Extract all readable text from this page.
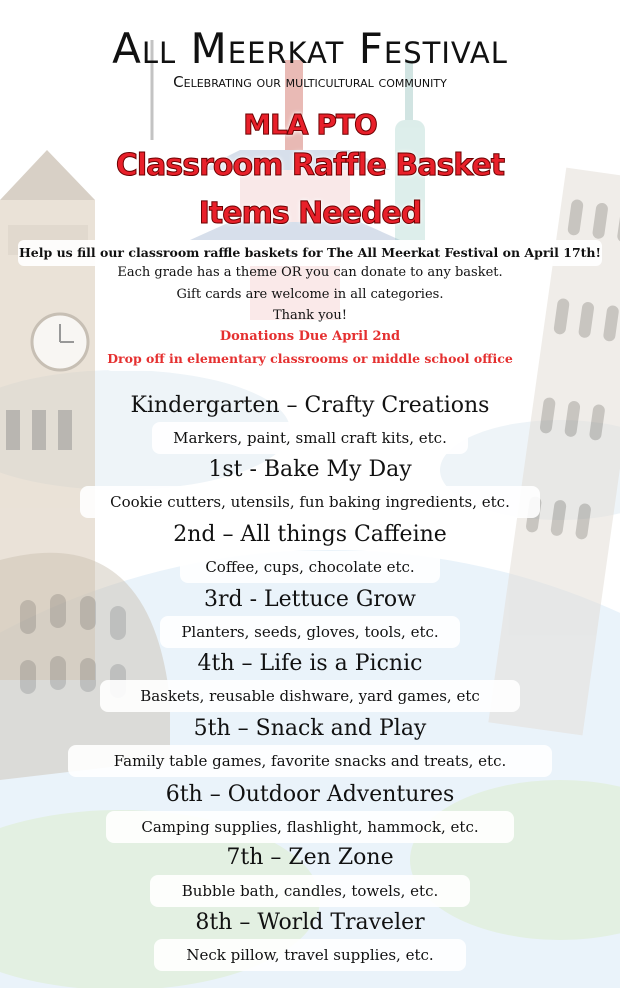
All Meerkat Festival
Celebrating our multicultural community
MLA PTO
Classroom Raffle Basket
Items Needed
Help us fill our classroom raffle baskets for The All Meerkat Festival on April 17th!
Each grade has a theme OR you can donate to any basket.
Gift cards are welcome in all categories.
Thank you!
Donations Due April 2nd
Drop off in elementary classrooms or middle school office
Kindergarten – Crafty Creations
Markers, paint, small craft kits, etc.
1st - Bake My Day
Cookie cutters, utensils, fun baking ingredients, etc.
2nd – All things Caffeine
Coffee, cups, chocolate etc.
3rd - Lettuce Grow
Planters, seeds, gloves, tools, etc.
4th – Life is a Picnic
Baskets, reusable dishware, yard games, etc
5th – Snack and Play
Family table games, favorite snacks and treats, etc.
6th – Outdoor Adventures
Camping supplies, flashlight, hammock, etc.
7th – Zen Zone
Bubble bath, candles, towels, etc.
8th – World Traveler
Neck pillow, travel supplies, etc.
